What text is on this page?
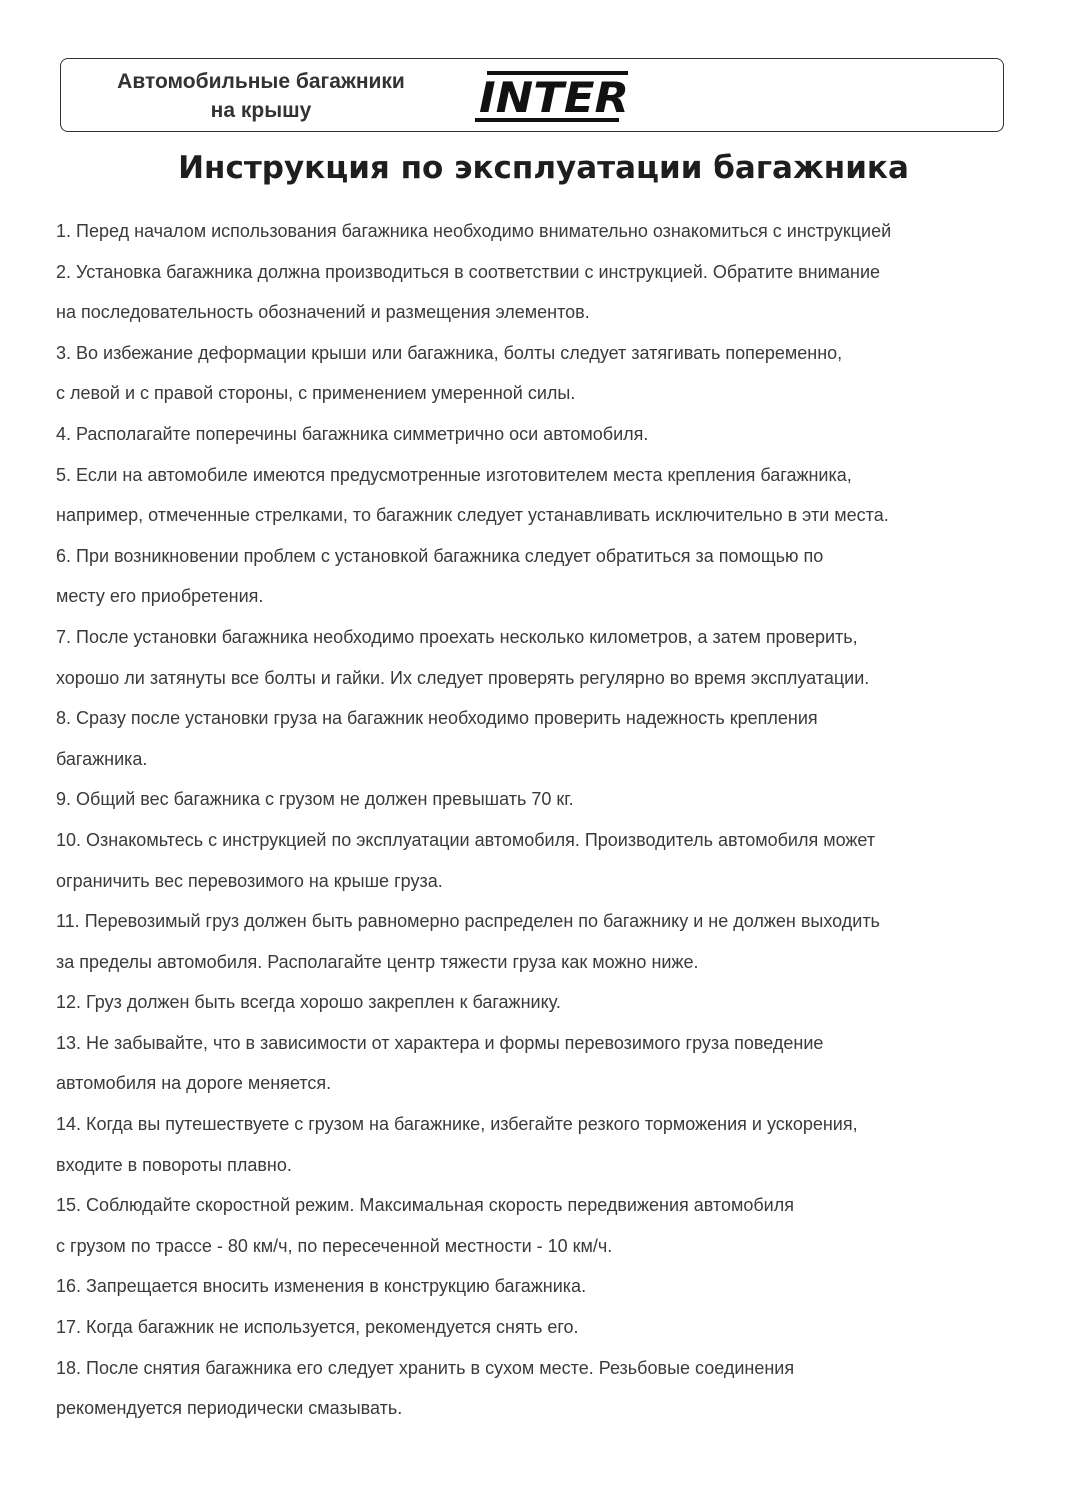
Автомобильные багажники
на крышу	INTER
Инструкция по эксплуатации багажника
1. Перед началом использования багажника необходимо внимательно ознакомиться с инструкцией
2. Установка багажника должна производиться в соответствии с инструкцией. Обратите внимание
на последовательность обозначений и размещения элементов.
3. Во избежание деформации крыши или багажника, болты следует затягивать попеременно,
с левой и с правой стороны, с применением умеренной силы.
4. Располагайте поперечины багажника симметрично оси автомобиля.
5. Если на автомобиле имеются предусмотренные изготовителем места крепления багажника,
например, отмеченные стрелками, то багажник следует устанавливать исключительно в эти места.
6. При возникновении проблем с установкой багажника следует обратиться за помощью по
месту его приобретения.
7. После установки багажника необходимо проехать несколько километров, а затем проверить,
хорошо ли затянуты все болты и гайки. Их следует проверять регулярно во время эксплуатации.
8. Сразу после установки груза на багажник необходимо проверить надежность крепления
багажника.
9. Общий вес багажника с грузом не должен превышать 70 кг.
10. Ознакомьтесь с инструкцией по эксплуатации автомобиля. Производитель автомобиля может
ограничить вес перевозимого на крыше груза.
11. Перевозимый груз должен быть равномерно распределен по багажнику и не должен выходить
за пределы автомобиля. Располагайте центр тяжести груза как можно ниже.
12. Груз должен быть всегда хорошо закреплен к багажнику.
13. Не забывайте, что в зависимости от характера и формы перевозимого груза поведение
автомобиля на дороге меняется.
14. Когда вы путешествуете с грузом на багажнике, избегайте резкого торможения и ускорения,
входите в повороты плавно.
15. Соблюдайте скоростной режим. Максимальная скорость передвижения автомобиля
с грузом по трассе - 80 км/ч, по пересеченной местности - 10 км/ч.
16. Запрещается вносить изменения в конструкцию багажника.
17. Когда багажник не используется, рекомендуется снять его.
18. После снятия багажника его следует хранить в сухом месте. Резьбовые соединения
рекомендуется периодически смазывать.
